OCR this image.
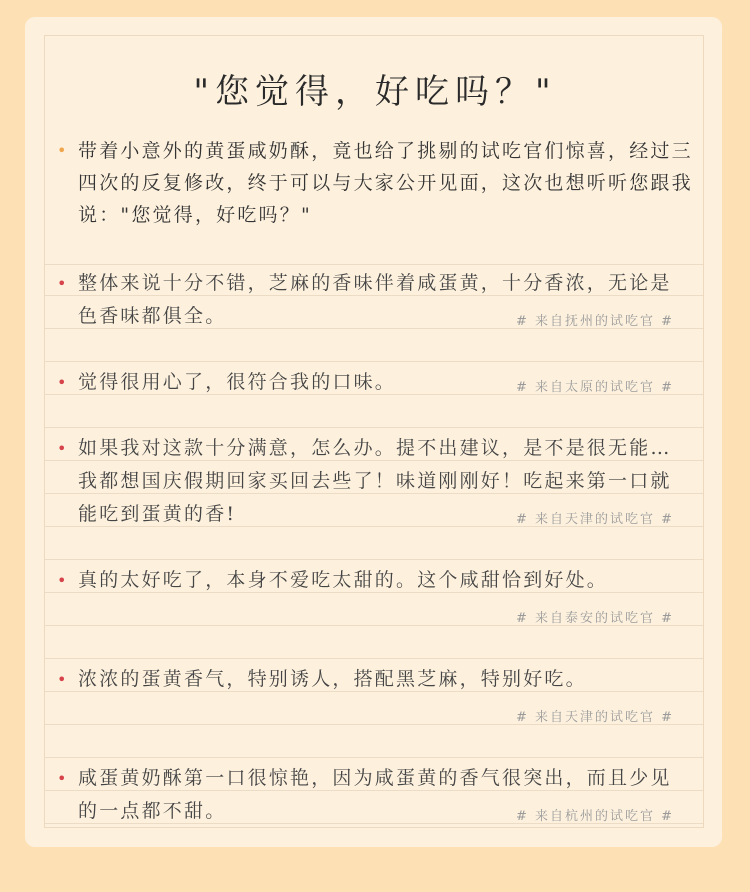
"您觉得，好吃吗？"
• 带着小意外的黄蛋咸奶酥，竟也给了挑剔的试吃官们惊喜，经过三四次的反复修改，终于可以与大家公开见面，这次也想听听您跟我说："您觉得，好吃吗？"
• 整体来说十分不错，芝麻的香味伴着咸蛋黄，十分香浓，无论是色香味都俱全。	# 来自抚州的试吃官 #
• 觉得很用心了，很符合我的口味。	# 来自太原的试吃官 #
• 如果我对这款十分满意，怎么办。提不出建议，是不是很无能…我都想国庆假期回家买回去些了！味道刚刚好！吃起来第一口就能吃到蛋黄的香!	# 来自天津的试吃官 #
• 真的太好吃了，本身不爱吃太甜的。这个咸甜恰到好处。
# 来自泰安的试吃官 #
• 浓浓的蛋黄香气，特别诱人，搭配黑芝麻，特别好吃。
# 来自天津的试吃官 #
• 咸蛋黄奶酥第一口很惊艳，因为咸蛋黄的香气很突出，而且少见的一点都不甜。	# 来自杭州的试吃官 #
